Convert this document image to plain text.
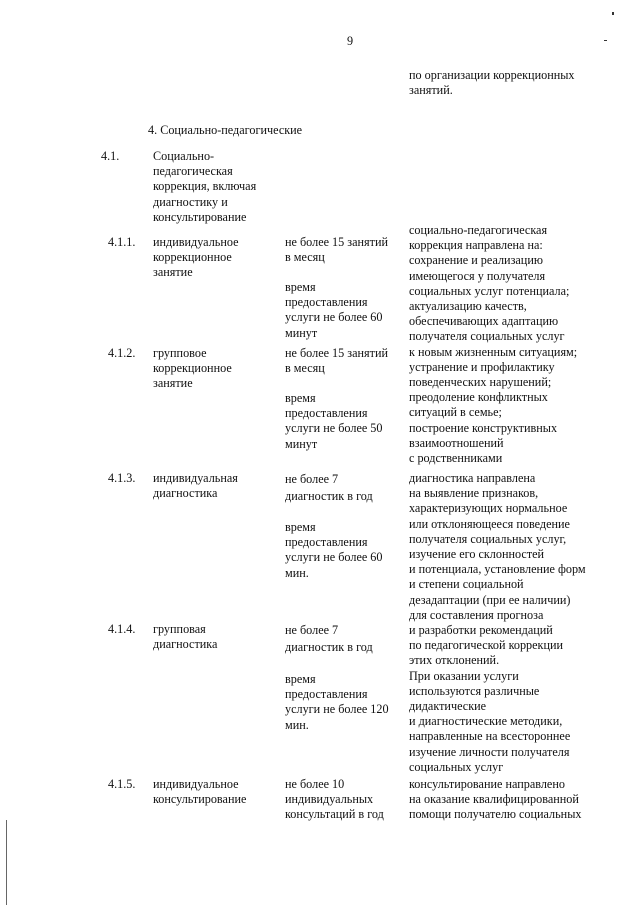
9
по организации коррекционных
занятий.
4. Социально-педагогические
4.1.	Социально-
педагогическая
коррекция, включая
диагностику и
консультирование
4.1.1. индивидуальное
коррекционное
занятие
не более 15 занятий
в месяц
время
предоставления
услуги не более 60
минут
социально-педагогическая
коррекция направлена на:
сохранение и реализацию
имеющегося у получателя
социальных услуг потенциала;
актуализацию качеств,
обеспечивающих адаптацию
получателя социальных услуг
к новым жизненным ситуациям;
устранение и профилактику
поведенческих нарушений;
преодоление конфликтных
ситуаций в семье;
построение конструктивных
взаимоотношений
с родственниками
4.1.2. групповое
коррекционное
занятие
не более 15 занятий
в месяц
время
предоставления
услуги не более 50
минут
4.1.3. индивидуальная
диагностика
не более 7
диагностик в год
время
предоставления
услуги не более 60
мин.
диагностика направлена
на выявление признаков,
характеризующих нормальное
или отклоняющееся поведение
получателя социальных услуг,
изучение его склонностей
и потенциала, установление форм
и степени социальной
дезадаптации (при ее наличии)
для составления прогноза
и разработки рекомендаций
по педагогической коррекции
этих отклонений.
При оказании услуги
используются различные
дидактические
и диагностические методики,
направленные на всестороннее
изучение личности получателя
социальных услуг
4.1.4. групповая
диагностика
не более 7
диагностик в год
время
предоставления
услуги не более 120
мин.
4.1.5. индивидуальное
консультирование
не более 10
индивидуальных
консультаций в год
консультирование направлено
на оказание квалифицированной
помощи получателю социальных
